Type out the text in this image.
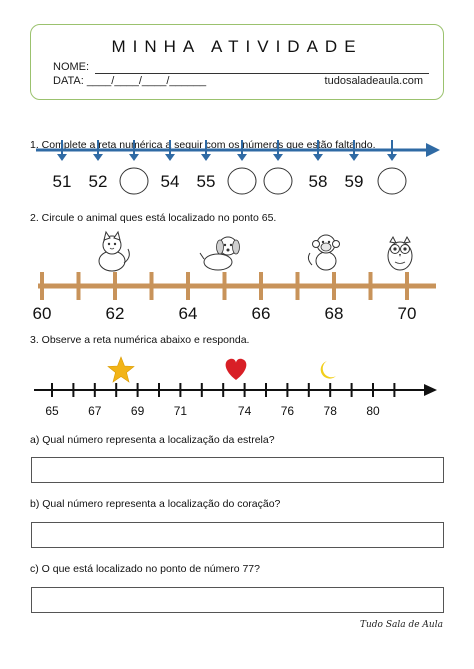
MINHA ATIVIDADE
NOME:
DATA: ____/____/____/______	tudosaladeaula.com
1. Complete a reta numérica a seguir com os números que estão faltando.
51 52	54 55	58 59
60	62	64	66	68	70
65 67 69 71	74 76 78 80
2. Circule o animal ques está localizado no ponto 65.
3. Observe a reta numérica abaixo e responda.
a) Qual número representa a localização da estrela?
b) Qual número representa a localização do coração?
c) O que está localizado no ponto de número 77?
Tudo Sala de Aula
